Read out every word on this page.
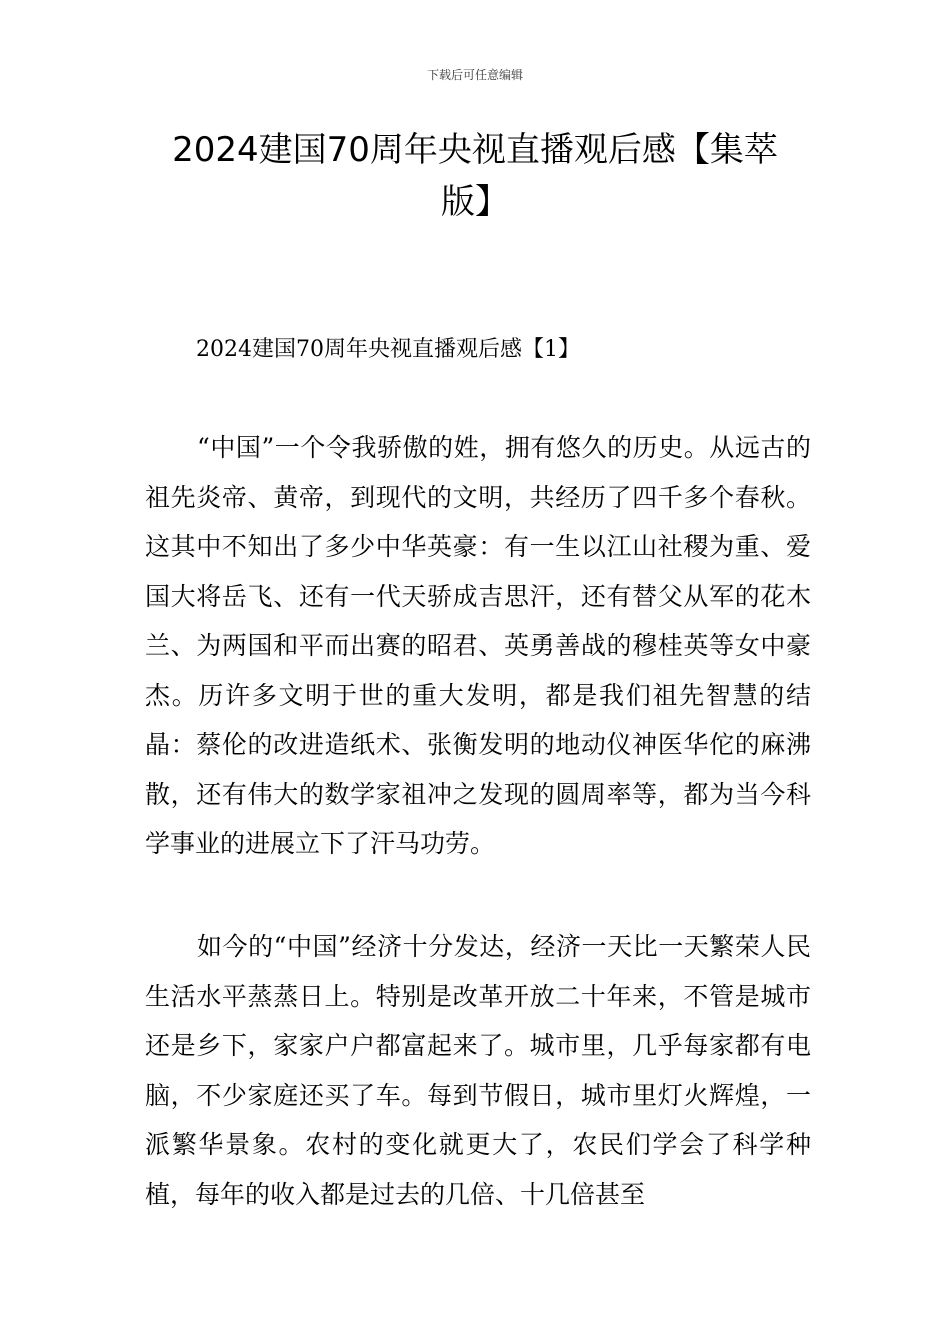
下载后可任意编辑
2024建国70周年央视直播观后感【集萃版】
2024建国70周年央视直播观后感【1】

“中国”一个令我骄傲的姓，拥有悠久的历史。从远古的祖先炎帝、黄帝，到现代的文明，共经历了四千多个春秋。这其中不知出了多少中华英豪：有一生以江山社稷为重、爱国大将岳飞、还有一代天骄成吉思汗，还有替父从军的花木兰、为两国和平而出赛的昭君、英勇善战的穆桂英等女中豪杰。历许多文明于世的重大发明，都是我们祖先智慧的结晶：蔡伦的改进造纸术、张衡发明的地动仪神医华佗的麻沸散，还有伟大的数学家祖冲之发现的圆周率等，都为当今科学事业的进展立下了汗马功劳。

如今的“中国”经济十分发达，经济一天比一天繁荣人民生活水平蒸蒸日上。特别是改革开放二十年来，不管是城市还是乡下，家家户户都富起来了。城市里，几乎每家都有电脑，不少家庭还买了车。每到节假日，城市里灯火辉煌，一派繁华景象。农村的变化就更大了，农民们学会了科学种植，每年的收入都是过去的几倍、十几倍甚至
